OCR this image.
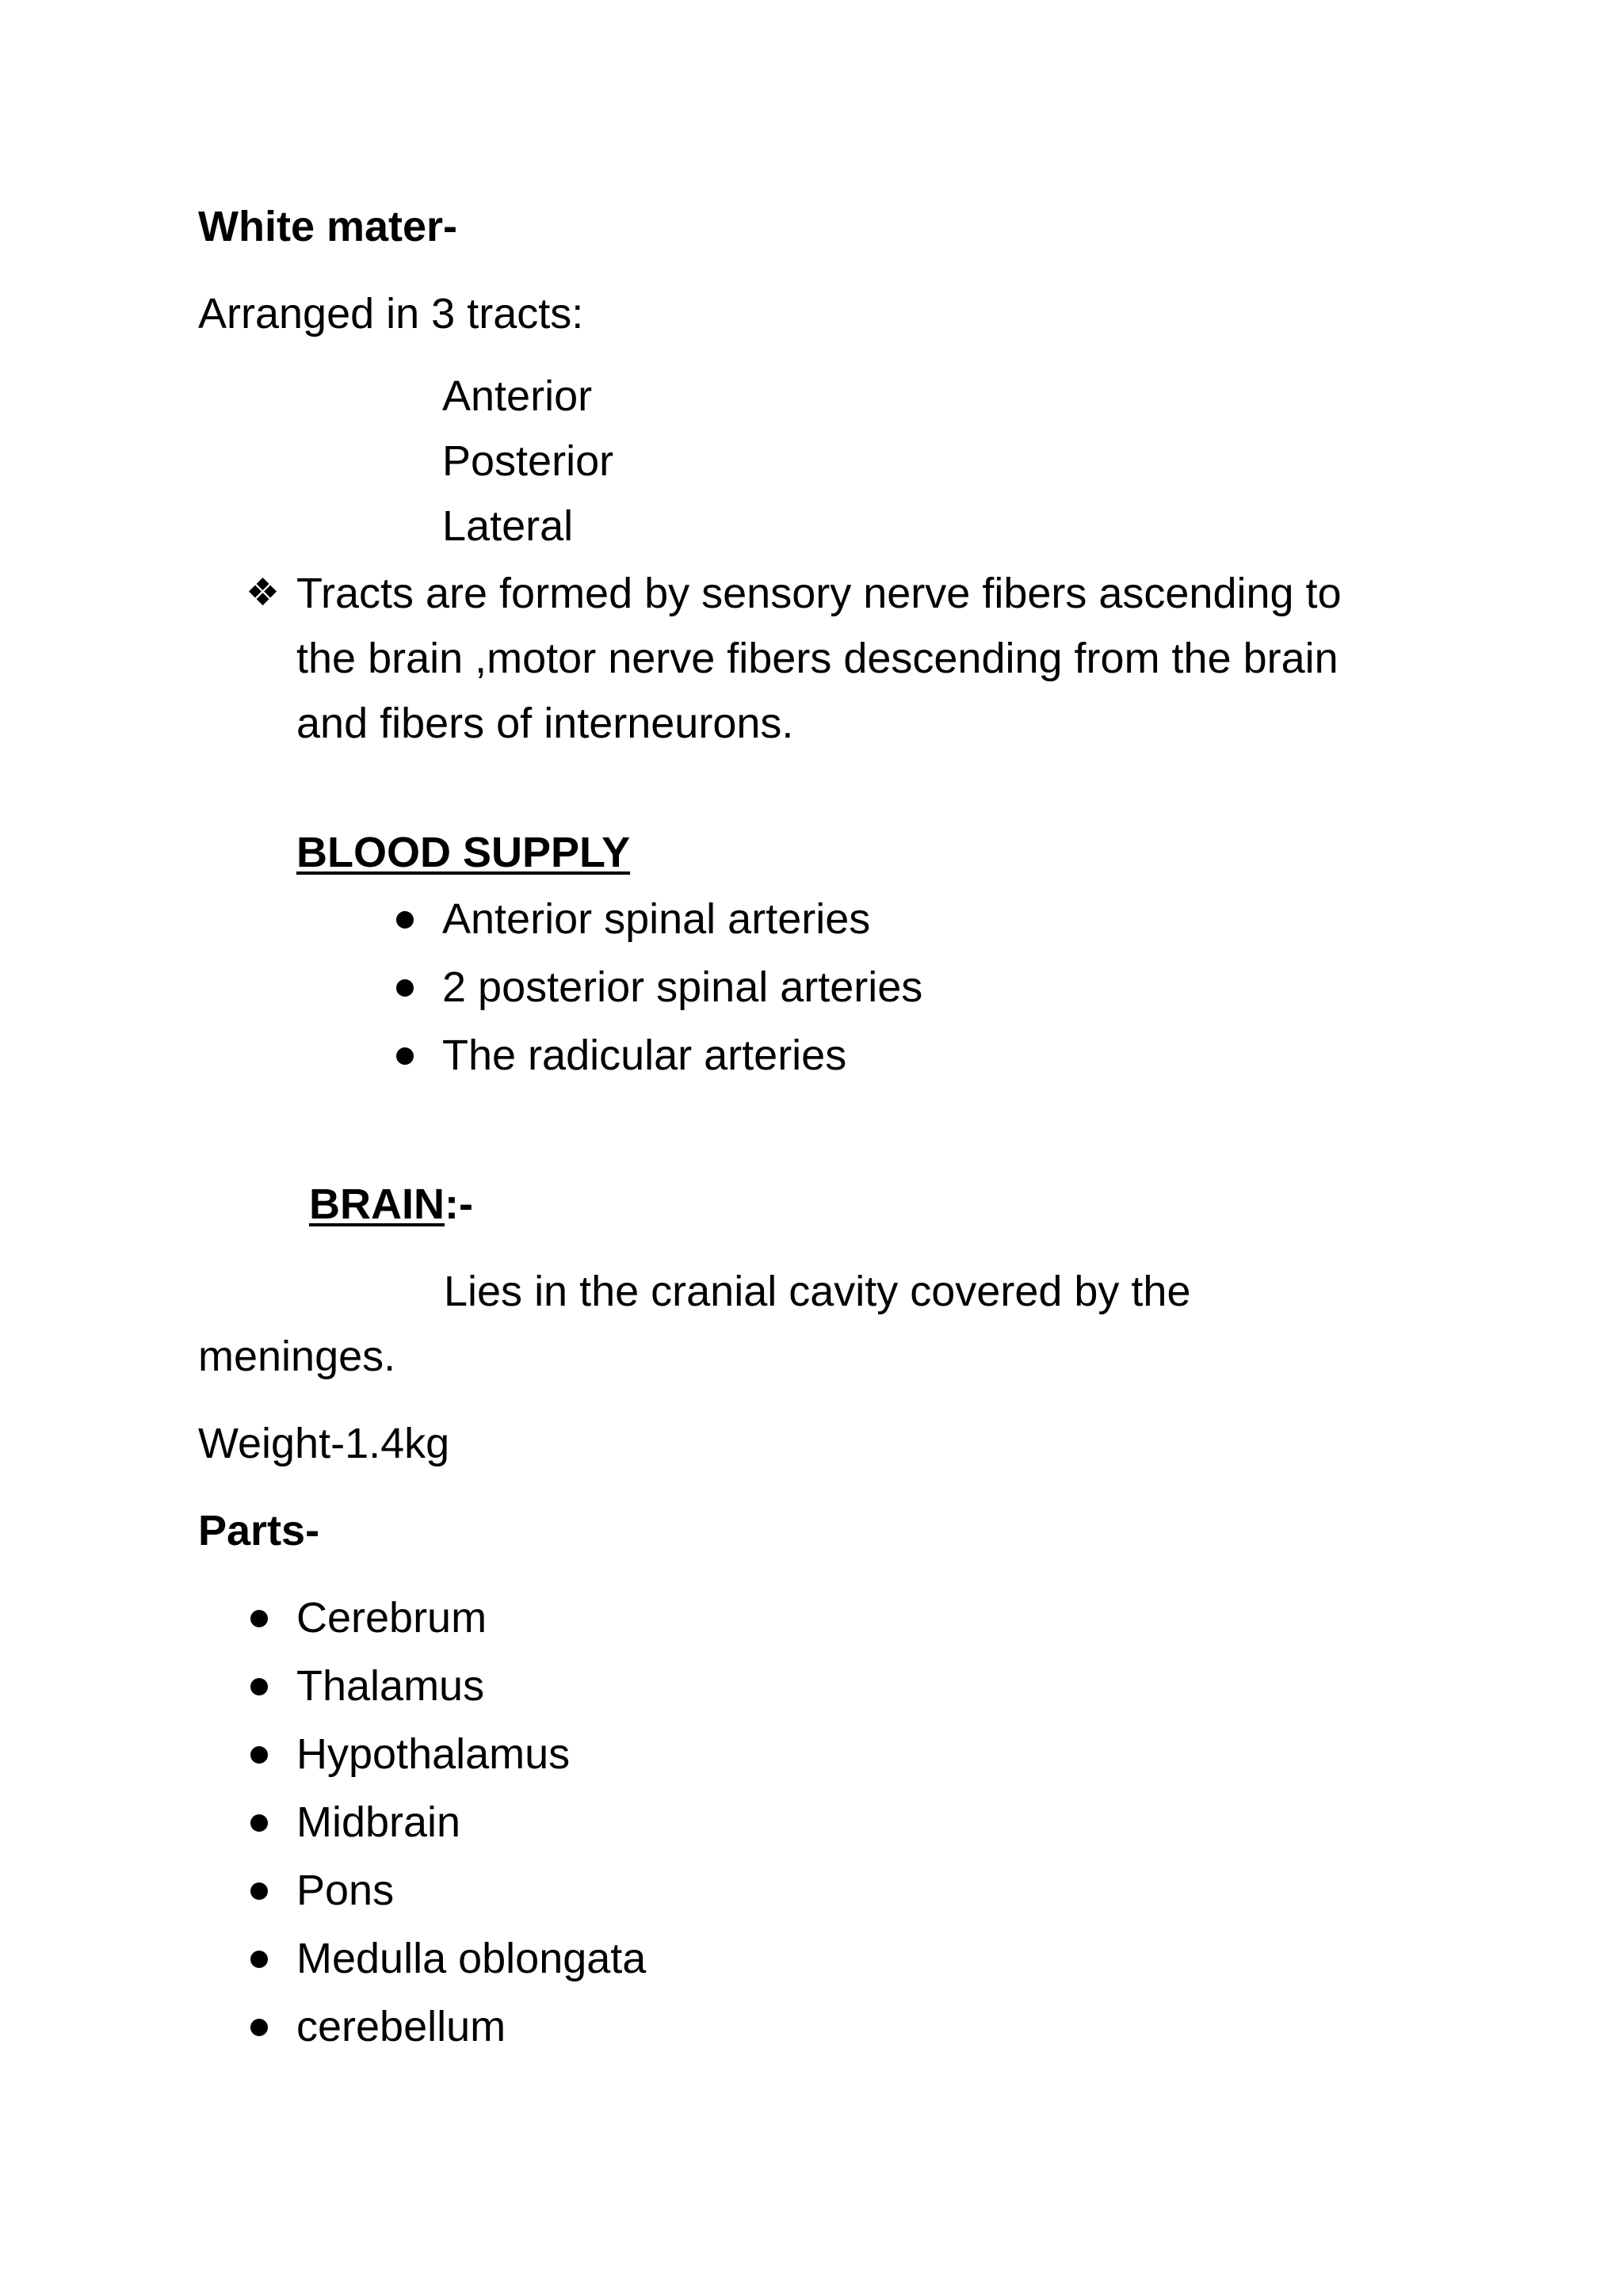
White mater-

Arranged in 3 tracts:

Anterior

Posterior

Lateral

❖ Tracts are formed by sensory nerve fibers ascending to
the brain ,motor nerve fibers descending from the brain
and fibers of interneurons.

BLOOD SUPPLY

Anterior spinal arteries

2 posterior spinal arteries

The radicular arteries

BRAIN:-

Lies in the cranial cavity covered by the

meninges.

Weight-1.4kg

Parts-

Cerebrum

Thalamus

Hypothalamus

Midbrain

Pons

Medulla oblongata

cerebellum
